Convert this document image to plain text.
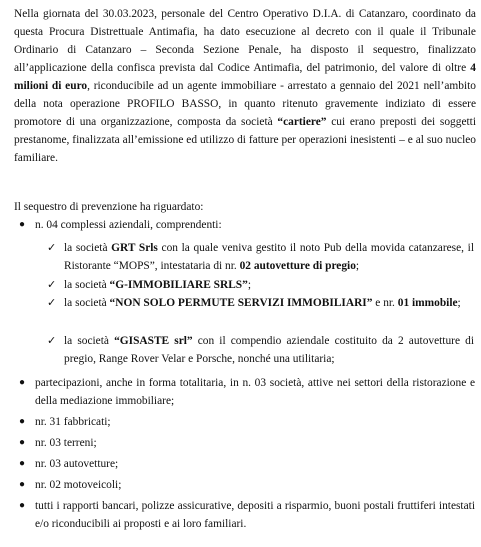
Nella giornata del 30.03.2023, personale del Centro Operativo D.I.A. di Catanzaro, coordinato da questa Procura Distrettuale Antimafia, ha dato esecuzione al decreto con il quale il Tribunale Ordinario di Catanzaro – Seconda Sezione Penale, ha disposto il sequestro, finalizzato all’applicazione della confisca prevista dal Codice Antimafia, del patrimonio, del valore di oltre 4 milioni di euro, riconducibile ad un agente immobiliare - arrestato a gennaio del 2021 nell’ambito della nota operazione PROFILO BASSO, in quanto ritenuto gravemente indiziato di essere promotore di una organizzazione, composta da società “cartiere” cui erano preposti dei soggetti prestanome, finalizzata all’emissione ed utilizzo di fatture per operazioni inesistenti – e al suo nucleo familiare.

Il sequestro di prevenzione ha riguardato:

● n. 04 complessi aziendali, comprendenti:
✓ la società GRT Srls con la quale veniva gestito il noto Pub della movida catanzarese, il Ristorante “MOPS”, intestataria di nr. 02 autovetture di pregio;
✓ la società “G-IMMOBILIARE SRLS”;
✓ la società “NON SOLO PERMUTE SERVIZI IMMOBILIARI” e nr. 01 immobile;
✓ la società “GISASTE srl” con il compendio aziendale costituito da 2 autovetture di pregio, Range Rover Velar e Porsche, nonché una utilitaria;
● partecipazioni, anche in forma totalitaria, in n. 03 società, attive nei settori della ristorazione e della mediazione immobiliare;
● nr. 31 fabbricati;
● nr. 03 terreni;
● nr. 03 autovetture;
● nr. 02 motoveicoli;
● tutti i rapporti bancari, polizze assicurative, depositi a risparmio, buoni postali fruttiferi intestati e/o riconducibili ai proposti e ai loro familiari.
